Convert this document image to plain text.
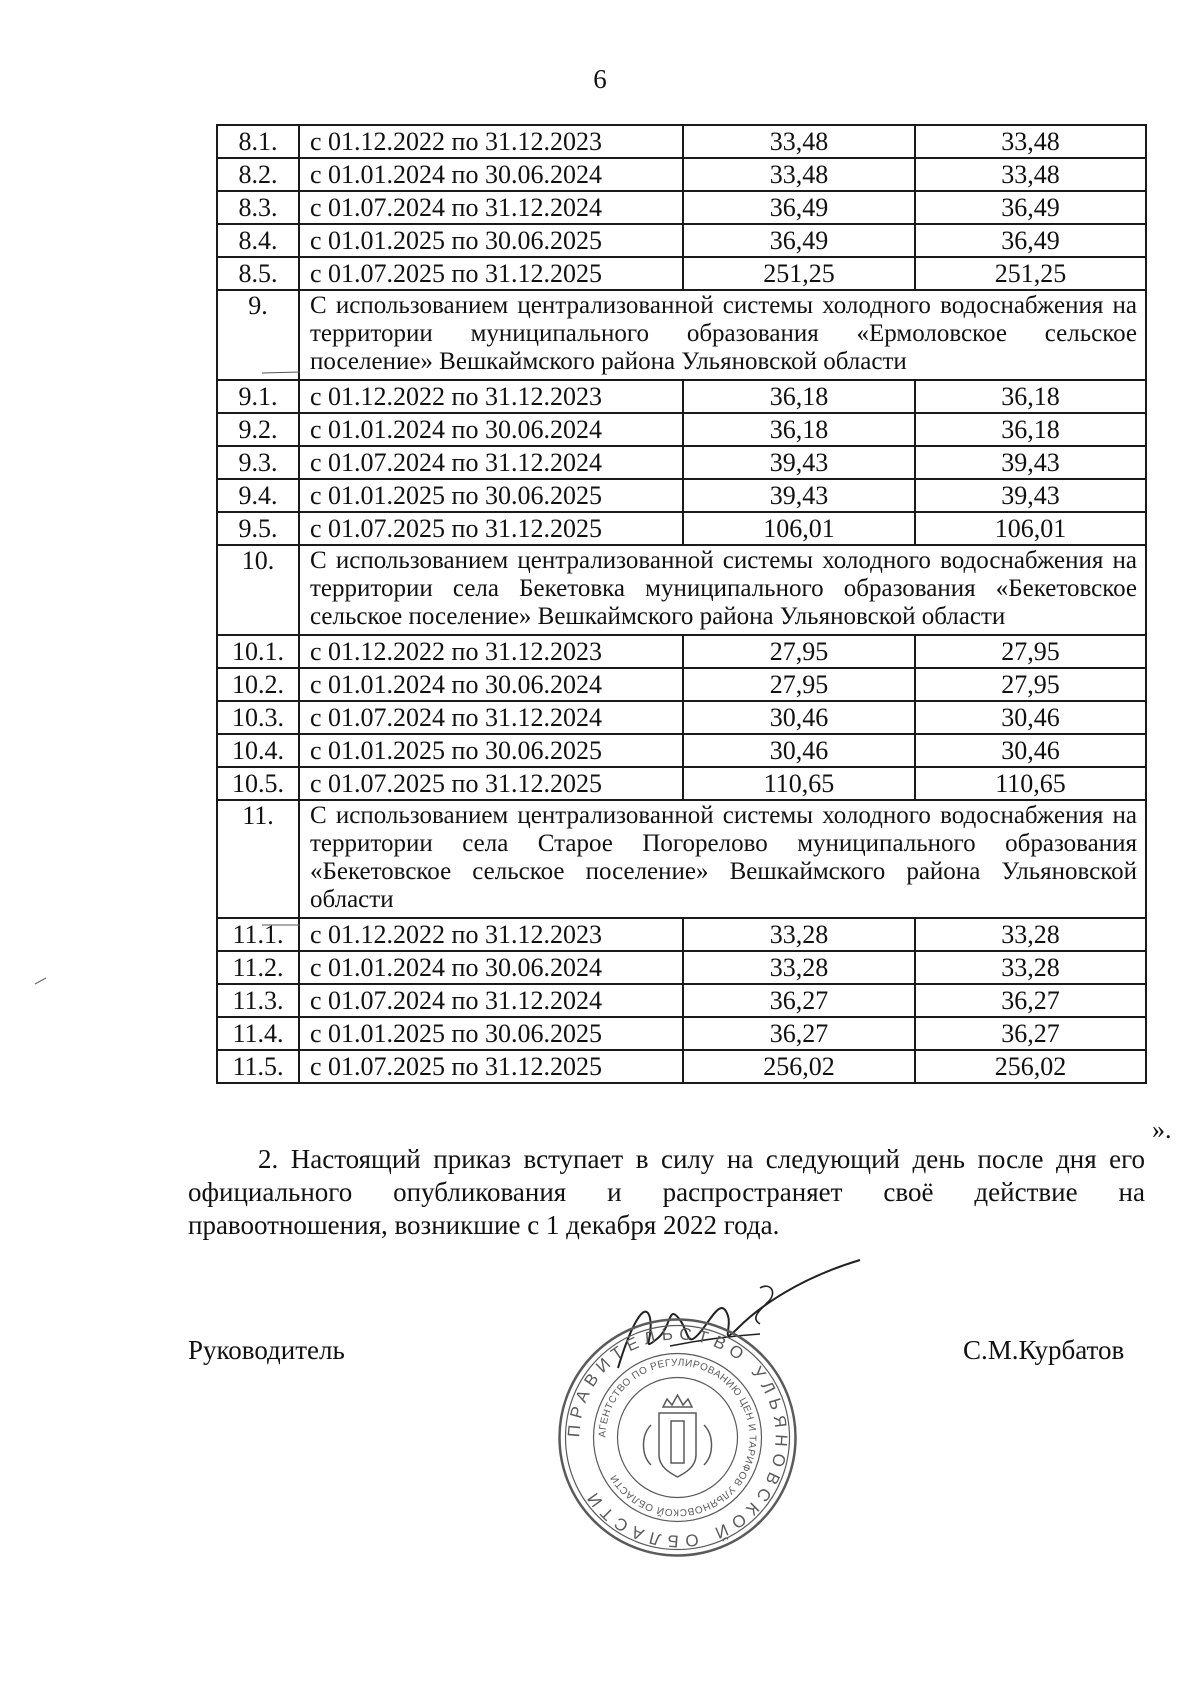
6
8.1.	с 01.12.2022 по 31.12.2023	33,48	33,48
8.2.	с 01.01.2024 по 30.06.2024	33,48	33,48
8.3.	с 01.07.2024 по 31.12.2024	36,49	36,49
8.4.	с 01.01.2025 по 30.06.2025	36,49	36,49
8.5.	с 01.07.2025 по 31.12.2025	251,25	251,25
9.	С использованием централизованной системы холодного водоснабжения на территории муниципального образования «Ермоловское сельское поселение» Вешкаймского района Ульяновской области		
9.1.	с 01.12.2022 по 31.12.2023	36,18	36,18
9.2.	с 01.01.2024 по 30.06.2024	36,18	36,18
9.3.	с 01.07.2024 по 31.12.2024	39,43	39,43
9.4.	с 01.01.2025 по 30.06.2025	39,43	39,43
9.5.	с 01.07.2025 по 31.12.2025	106,01	106,01
10.	С использованием централизованной системы холодного водоснабжения на территории села Бекетовка муниципального образования «Бекетовское сельское поселение» Вешкаймского района Ульяновской области		
10.1.	с 01.12.2022 по 31.12.2023	27,95	27,95
10.2.	с 01.01.2024 по 30.06.2024	27,95	27,95
10.3.	с 01.07.2024 по 31.12.2024	30,46	30,46
10.4.	с 01.01.2025 по 30.06.2025	30,46	30,46
10.5.	с 01.07.2025 по 31.12.2025	110,65	110,65
11.	С использованием централизованной системы холодного водоснабжения на территории села Старое Погорелово муниципального образования «Бекетовское сельское поселение» Вешкаймского района Ульяновской области		
11.1.	с 01.12.2022 по 31.12.2023	33,28	33,28
11.2.	с 01.01.2024 по 30.06.2024	33,28	33,28
11.3.	с 01.07.2024 по 31.12.2024	36,27	36,27
11.4.	с 01.01.2025 по 30.06.2025	36,27	36,27
11.5.	с 01.07.2025 по 31.12.2025	256,02	256,02
».
2. Настоящий приказ вступает в силу на следующий день после дня его официального опубликования и распространяет своё действие на правоотношения, возникшие с 1 декабря 2022 года.
Руководитель	С.М.Курбатов
ПРАВИТЕЛЬСТВО УЛЬЯНОВСКОЙ ОБЛАСТИ
АГЕНТСТВО ПО РЕГУЛИРОВАНИЮ ЦЕН И ТАРИФОВ УЛЬЯНОВСКОЙ ОБЛАСТИ
